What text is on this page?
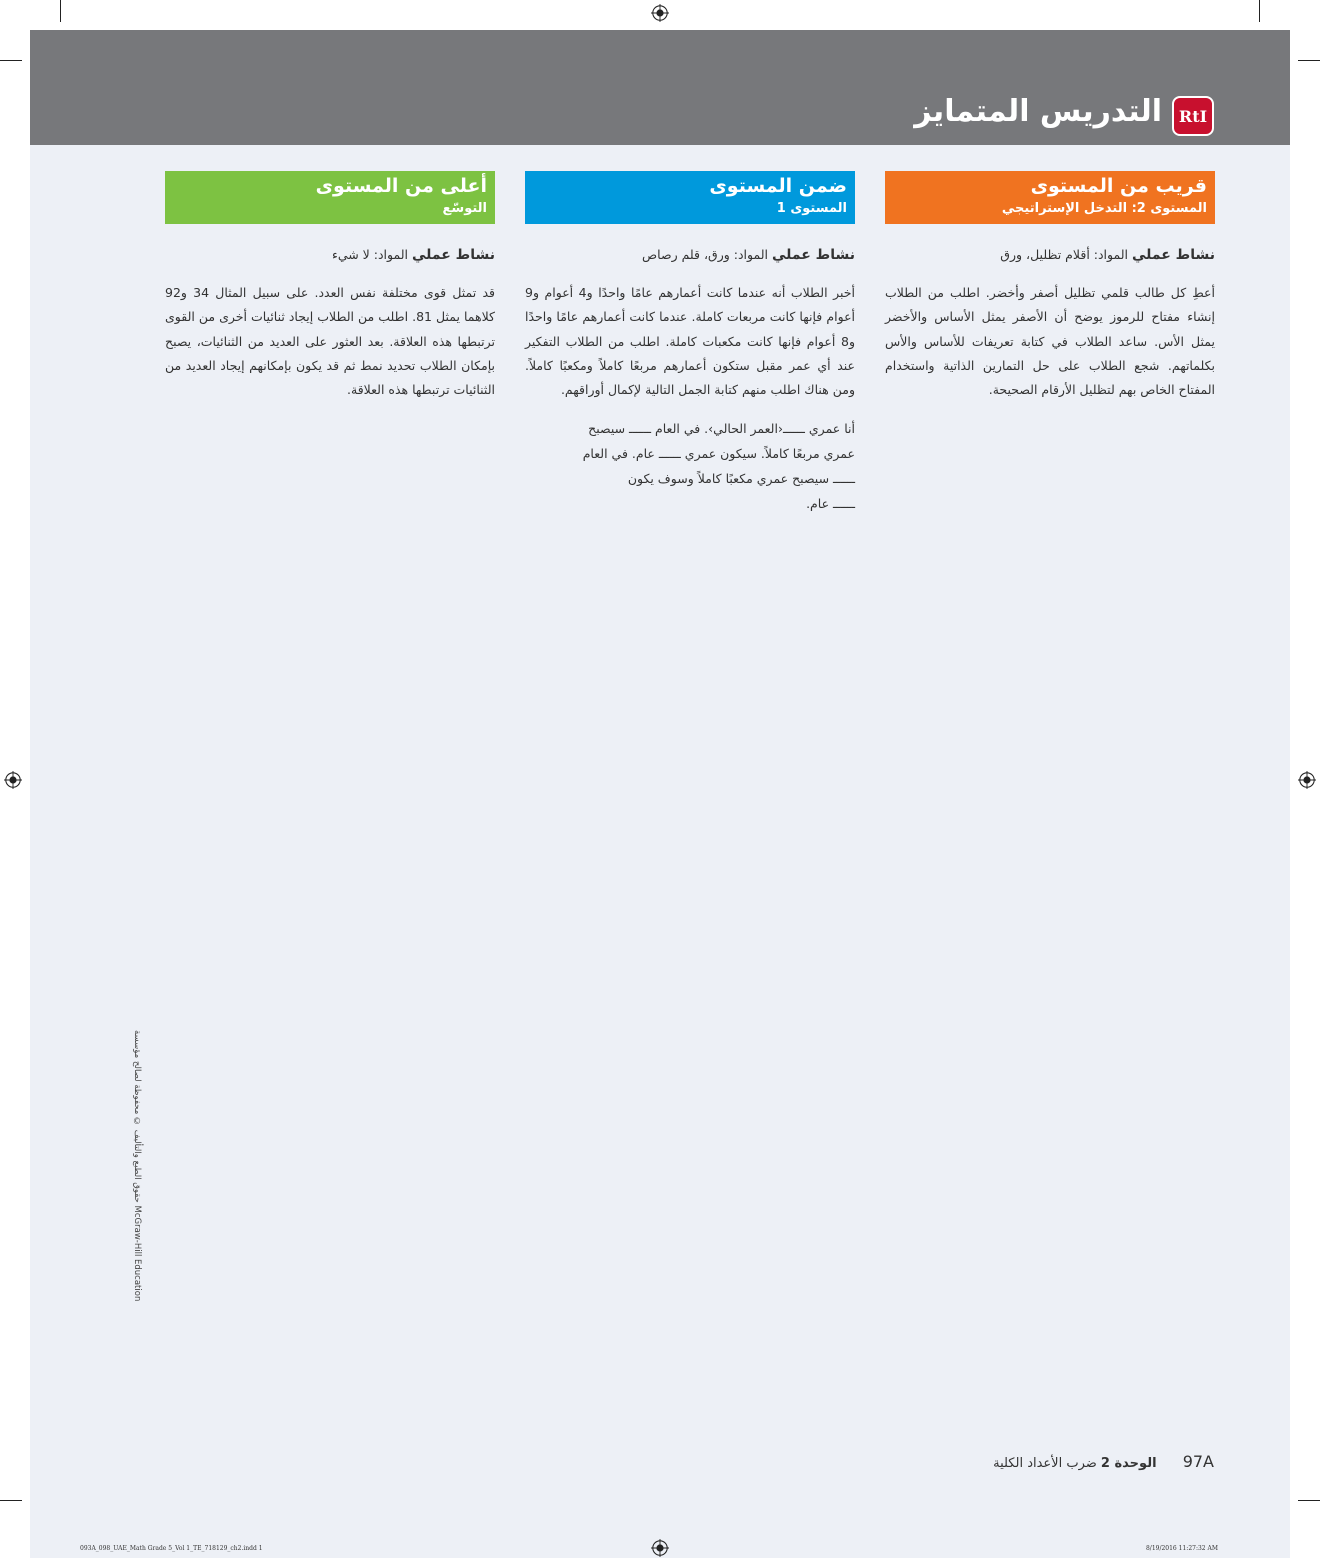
التدريس المتمايز	RtI
قريب من المستوى
المستوى 2: التدخل الإستراتيجي
نشاط عملي المواد: أقلام تظليل، ورق
أعطِ كل طالب قلمي تظليل أصفر وأخضر. اطلب من الطلاب إنشاء مفتاح للرموز يوضح أن الأصفر يمثل الأساس والأخضر يمثل الأس. ساعد الطلاب في كتابة تعريفات للأساس والأس بكلماتهم. شجع الطلاب على حل التمارين الذاتية واستخدام المفتاح الخاص بهم لتظليل الأرقام الصحيحة.
ضمن المستوى
المستوى 1
نشاط عملي المواد: ورق، قلم رصاص
أخبر الطلاب أنه عندما كانت أعمارهم عامًا واحدًا و4 أعوام و9 أعوام فإنها كانت مربعات كاملة. عندما كانت أعمارهم عامًا واحدًا و8 أعوام فإنها كانت مكعبات كاملة. اطلب من الطلاب التفكير عند أي عمر مقبل ستكون أعمارهم مربعًا كاملاً ومكعبًا كاملاً. ومن هناك اطلب منهم كتابة الجمل التالية لإكمال أوراقهم.
أنا عمري ــــــ‹العمر الحالي›. في العام ــــــ سيصبح
عمري مربعًا كاملاً. سيكون عمري ــــــ عام. في العام
ــــــ سيصبح عمري مكعبًا كاملاً وسوف يكون
ــــــ عام.
أعلى من المستوى
التوسّع
نشاط عملي المواد: لا شيء
قد تمثل قوى مختلفة نفس العدد. على سبيل المثال 34 و92 كلاهما يمثل 81. اطلب من الطلاب إيجاد ثنائيات أخرى من القوى ترتبطها هذه العلاقة. بعد العثور على العديد من الثنائيات، يصبح بإمكان الطلاب تحديد نمط ثم قد يكون بإمكانهم إيجاد العديد من الثنائيات ترتبطها هذه العلاقة.
حقوق الطبع والتأليف © محفوظة لصالح مؤسسة McGraw-Hill Education
97A الوحدة 2 ضرب الأعداد الكلية
093A_098_UAE_Math Grade 5_Vol 1_TE_718129_ch2.indd 1	8/19/2016 11:27:32 AM
